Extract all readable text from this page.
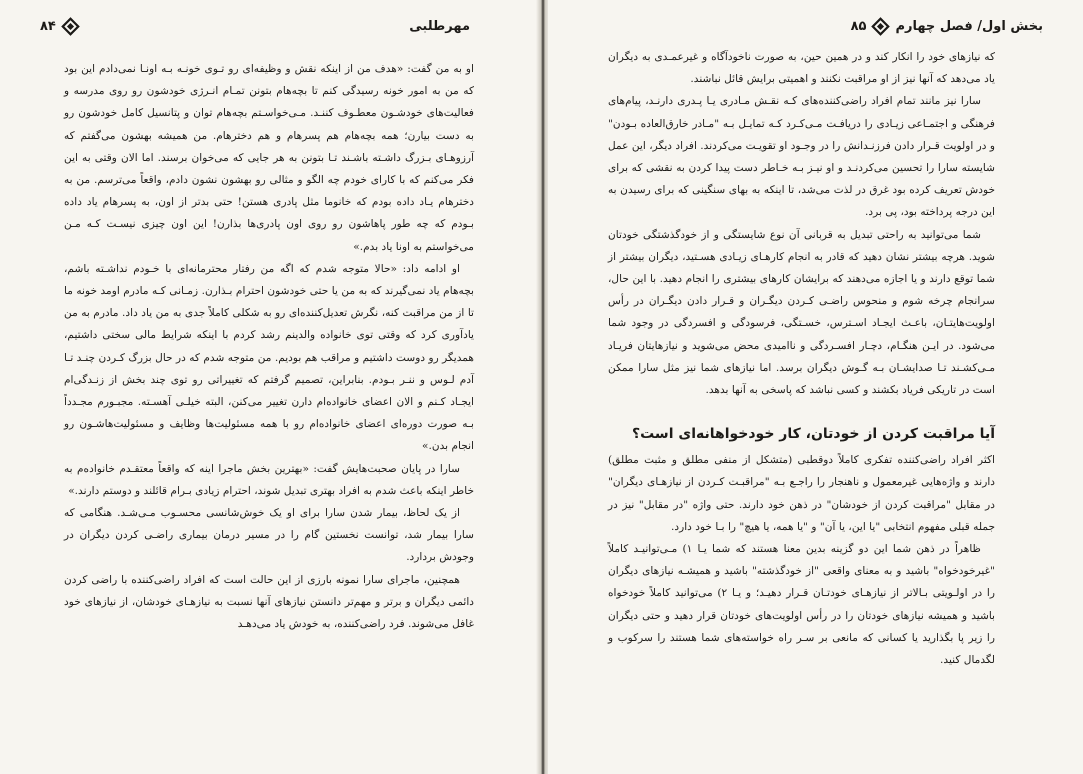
۸۴	مهرطلبی

او به من گفت: «هدف من از اینکه نقش و وظیفه‌ای رو تـوی خونـه بـه اونـا نمی‌دادم این بود که من به امور خونه رسیدگی کنم تا بچه‌هام بتونن تمـام انـرژی خودشون رو روی مدرسه و فعالیت‌های خودشـون معطـوف کننـد. مـی‌خواسـتم بچه‌هام توان و پتانسیل کامل خودشون رو به دست بیارن؛ همه بچه‌هام هم پسرهام و هم دخترهام. من همیشه بهشون می‌گفتم که آرزوهـای بـزرگ داشـته باشـند تـا بتونن به هر جایی که می‌خوان برسند. اما الان وقتی به این فکر می‌کنم که با کارای خودم چه الگو و مثالی رو بهشون نشون دادم، واقعاً می‌ترسم. من به دخترهام یـاد داده بودم که خانوما مثل پادری هستن! حتی بدتر از اون، به پسرهام یاد داده بـودم که چه طور پاهاشون رو روی اون پادری‌ها بذارن! این اون چیزی نیسـت کـه مـن می‌خواستم به اونا یاد بدم.»

او ادامه داد: «حالا متوجه شدم که اگه من رفتار محترمانه‌ای با خـودم نداشـته باشم، بچه‌هام یاد نمی‌گیرند که به من یا حتی خودشون احترام بـذارن. زمـانی کـه مادرم اومد خونه ما تا از من مراقبت کنه، نگرش تعدیل‌کننده‌ای رو به شکلی کاملاً جدی به من یاد داد. مادرم به من یادآوری کرد که وقتی توی خانواده والدینم رشد کردم با اینکه شرایط مالی سختی داشتیم، همدیگر رو دوست داشتیم و مراقب هم بودیم. من متوجه شدم که در حال بزرگ کـردن چنـد تـا آدم لـوس و ننـر بـودم. بنابراین، تصمیم گرفتم که تغییراتی رو توی چند بخش از زنـدگی‌ام ایجـاد کـنم و الان اعضای خانواده‌ام دارن تغییر می‌کنن، البته خیلـی آهسـته. مجبـورم مجـدداً بـه صورت دوره‌ای اعضای خانواده‌ام رو با همه مسئولیت‌ها وظایف و مسئولیت‌هاشـون رو انجام بدن.»

سارا در پایان صحبت‌هایش گفت: «بهترین بخش ماجرا اینه که واقعاً معتقـدم خانواده‌م به خاطر اینکه باعث شدم به افراد بهتری تبدیل شوند، احترام زیادی بـرام قائلند و دوستم دارند.»

از یک لحاظ، بیمار شدن سارا برای او یک خوش‌شانسی محسـوب مـی‌شـد. هنگامی که سارا بیمار شد، توانست نخستین گام را در مسیر درمان بیماری راضـی کردن دیگران در وجودش بردارد.

همچنین، ماجرای سارا نمونه بارزی از این حالت است که افراد راضی‌کننده با راضی کردن دائمی دیگران و برتر و مهم‌تر دانستن نیازهای آنها نسبت به نیازهـای خودشان، از نیازهای خود غافل می‌شوند. فرد راضی‌کننده، به خودش یاد می‌دهـد

۸۵ بخش اول/ فصل چهارم

که نیازهای خود را انکار کند و در همین حین، به صورت ناخودآگاه و غیرعمـدی به دیگران یاد می‌دهد که آنها نیز از او مراقبت نکنند و اهمیتی برایش قائل نباشند.

سارا نیز مانند تمام افراد راضی‌کننده‌های کـه نقـش مـادری یـا پـدری دارنـد، پیام‌های فرهنگی و اجتمـاعی زیـادی را دریافـت مـی‌کـرد کـه تمایـل بـه "مـادر خارق‌العاده بـودن" و در اولویت قـرار دادن فرزنـدانش را در وجـود او تقویـت می‌کردند. افراد دیگر، این عمل شایسته سارا را تحسین می‌کردنـد و او نیـز بـه خـاطر دست پیدا کردن به نقشی که برای خودش تعریف کرده بود غرق در لذت می‌شد، تا اینکه به بهای سنگینی که برای رسیدن به این درجه پرداخته بود، پی برد.

شما می‌توانید به راحتی تبدیل به قربانی آن نوع شایستگی و از خودگذشتگی خودتان شوید. هرچه بیشتر نشان دهید که قادر به انجام کارهـای زیـادی هسـتید، دیگران بیشتر از شما توقع دارند و یا اجازه می‌دهند که برایشان کارهای بیشتری را انجام دهید. با این حال، سرانجام چرخه شوم و منحوس راضـی کـردن دیگـران و قـرار دادن دیگـران در رأس اولویت‌هایتـان، باعـث ایجـاد اسـترس، خسـتگی، فرسودگی و افسردگی در وجود شما می‌شود. در ایـن هنگـام، دچـار افسـردگی و ناامیدی محض می‌شوید و نیازهایتان فریـاد مـی‌کشـند تـا صدایشـان بـه گـوش دیگران برسد. اما نیازهای شما نیز مثل سارا ممکن است در تاریکی فریاد بکشند و کسی نباشد که پاسخی به آنها بدهد.

آیا مراقبت کردن از خودتان، کار خودخواهانه‌ای است؟

اکثر افراد راضی‌کننده تفکری کاملاً دوقطبی (متشکل از منفی مطلق و مثبت مطلق) دارند و واژه‌هایی غیرمعمول و ناهنجار را راجـع بـه "مراقبـت کـردن از نیازهـای دیگران" در مقابل "مراقبت کردن از خودشان" در ذهن خود دارند. حتی واژه "در مقابل" نیز در جمله قبلی مفهوم انتخابی "یا این، یا آن" و "یا همه، یا هیچ" را بـا خود دارد.

ظاهراً در ذهن شما این دو گزینه بدین معنا هستند که شما یـا ۱) مـی‌توانیـد کاملاً "غیرخودخواه" باشید و به معنای واقعی "از خودگذشته" باشید و همیشـه نیازهای دیگران را در اولـویتی بـالاتر از نیازهـای خودتـان قـرار دهیـد؛ و یـا ۲) می‌توانید کاملاً خودخواه باشید و همیشه نیازهای خودتان را در رأس اولویت‌های خودتان قرار دهید و حتی دیگران را زیر پا بگذارید یا کسانی که مانعی بر سـر راه خواسته‌های شما هستند را سرکوب و لگدمال کنید.
